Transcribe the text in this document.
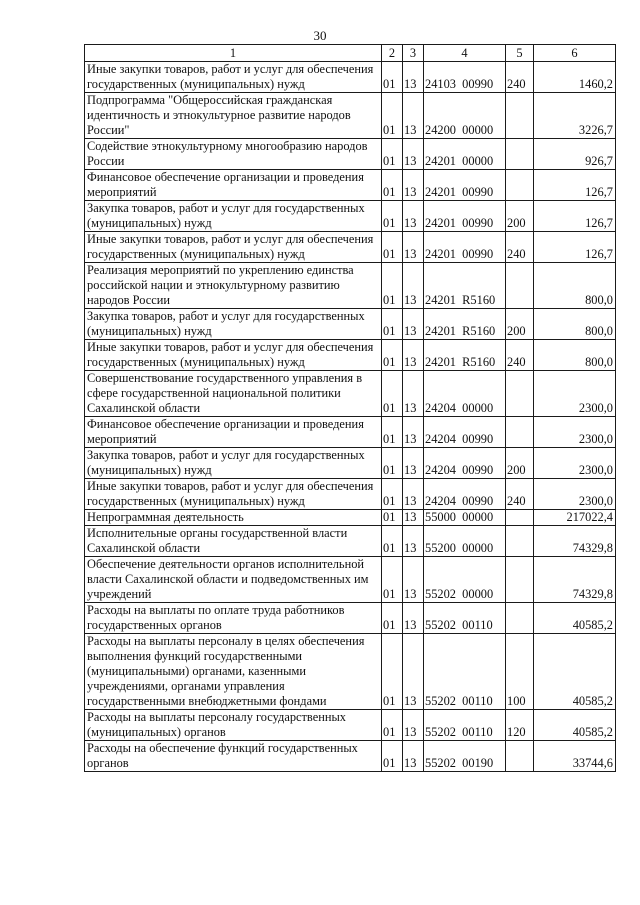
30
1	2	3	4	5	6
Иные закупки товаров, работ и услуг для обеспечения государственных (муниципальных) нужд	01	13	24103  00990	240	1460,2
Подпрограмма "Общероссийская гражданская идентичность и этнокультурное развитие народов России"	01	13	24200  00000		3226,7
Содействие этнокультурному многообразию народов России	01	13	24201  00000		926,7
Финансовое обеспечение организации и проведения мероприятий	01	13	24201  00990		126,7
Закупка товаров, работ и услуг для государственных (муниципальных) нужд	01	13	24201  00990	200	126,7
Иные закупки товаров, работ и услуг для обеспечения государственных (муниципальных) нужд	01	13	24201  00990	240	126,7
Реализация мероприятий по укреплению единства российской нации и этнокультурному развитию народов России	01	13	24201  R5160		800,0
Закупка товаров, работ и услуг для государственных (муниципальных) нужд	01	13	24201  R5160	200	800,0
Иные закупки товаров, работ и услуг для обеспечения государственных (муниципальных) нужд	01	13	24201  R5160	240	800,0
Совершенствование государственного управления в сфере государственной национальной политики Сахалинской области	01	13	24204  00000		2300,0
Финансовое обеспечение организации и проведения мероприятий	01	13	24204  00990		2300,0
Закупка товаров, работ и услуг для государственных (муниципальных) нужд	01	13	24204  00990	200	2300,0
Иные закупки товаров, работ и услуг для обеспечения государственных (муниципальных) нужд	01	13	24204  00990	240	2300,0
Непрограммная деятельность	01	13	55000  00000		217022,4
Исполнительные органы государственной власти Сахалинской области	01	13	55200  00000		74329,8
Обеспечение деятельности органов исполнительной власти Сахалинской области и подведомственных им учреждений	01	13	55202  00000		74329,8
Расходы на выплаты по оплате труда работников государственных органов	01	13	55202  00110		40585,2
Расходы на выплаты персоналу в целях обеспечения выполнения функций государственными (муниципальными) органами, казенными учреждениями, органами управления государственными внебюджетными фондами	01	13	55202  00110	100	40585,2
Расходы на выплаты персоналу государственных (муниципальных) органов	01	13	55202  00110	120	40585,2
Расходы на обеспечение функций государственных органов	01	13	55202  00190		33744,6
